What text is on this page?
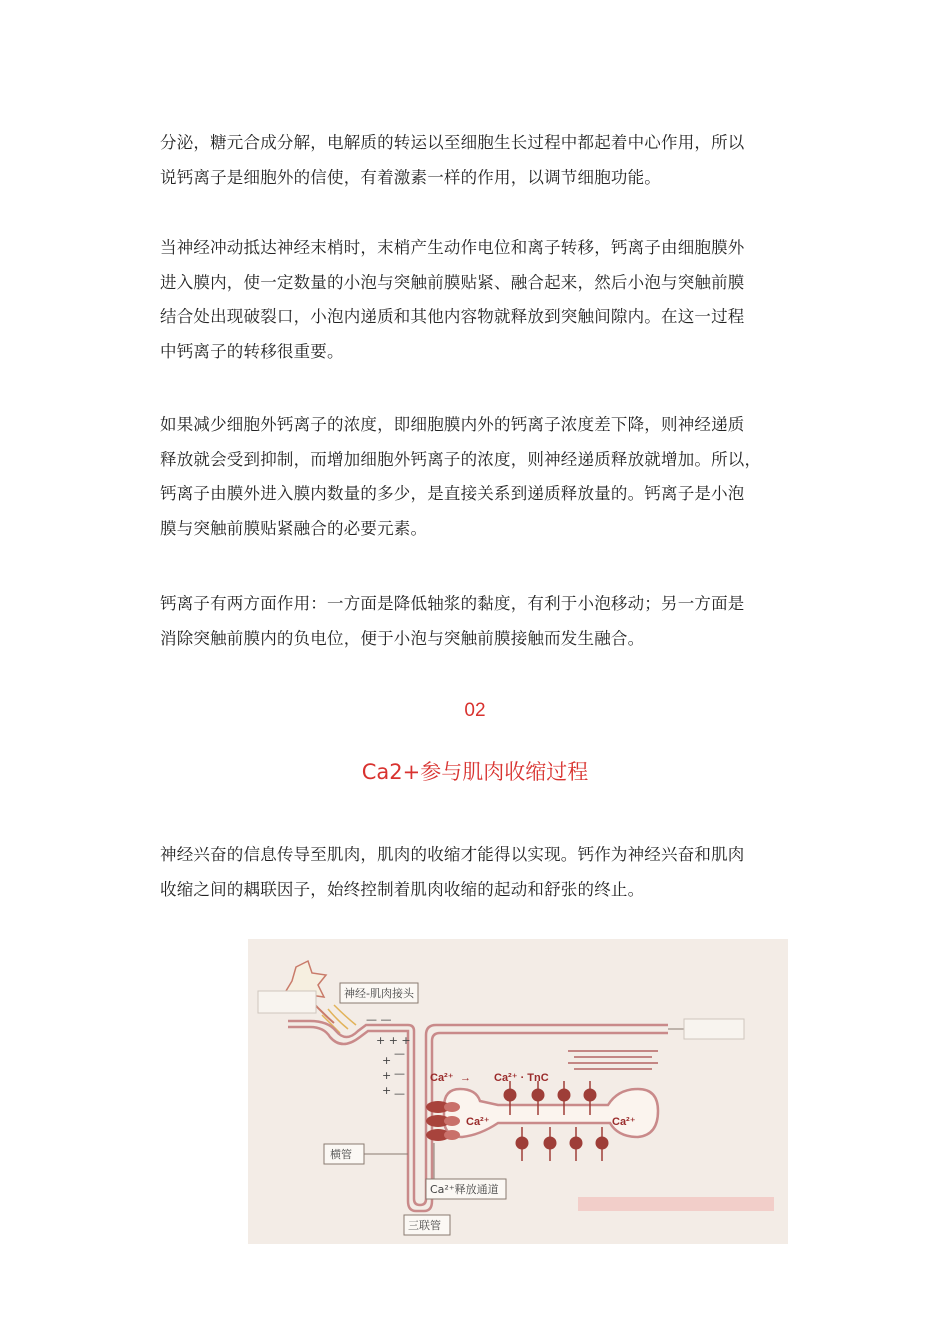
分泌，糖元合成分解，电解质的转运以至细胞生长过程中都起着中心作用，所以
说钙离子是细胞外的信使，有着激素一样的作用，以调节细胞功能。
当神经冲动抵达神经末梢时，末梢产生动作电位和离子转移，钙离子由细胞膜外
进入膜内，使一定数量的小泡与突触前膜贴紧、融合起来，然后小泡与突触前膜
结合处出现破裂口，小泡内递质和其他内容物就释放到突触间隙内。在这一过程
中钙离子的转移很重要。
如果减少细胞外钙离子的浓度，即细胞膜内外的钙离子浓度差下降，则神经递质
释放就会受到抑制，而增加细胞外钙离子的浓度，则神经递质释放就增加。所以，
钙离子由膜外进入膜内数量的多少，是直接关系到递质释放量的。钙离子是小泡
膜与突触前膜贴紧融合的必要元素。
钙离子有两方面作用：一方面是降低轴浆的黏度，有利于小泡移动；另一方面是
消除突触前膜内的负电位，便于小泡与突触前膜接触而发生融合。
02
Ca2+参与肌肉收缩过程
神经兴奋的信息传导至肌肉，肌肉的收缩才能得以实现。钙作为神经兴奋和肌肉
收缩之间的耦联因子，始终控制着肌肉收缩的起动和舒张的终止。
— —
+ + +
+
+
+
—
—
—
神经-肌肉接头
Ca²⁺ → Ca²⁺ · TnC
Ca²⁺	Ca²⁺
横管
Ca²⁺释放通道
三联管
